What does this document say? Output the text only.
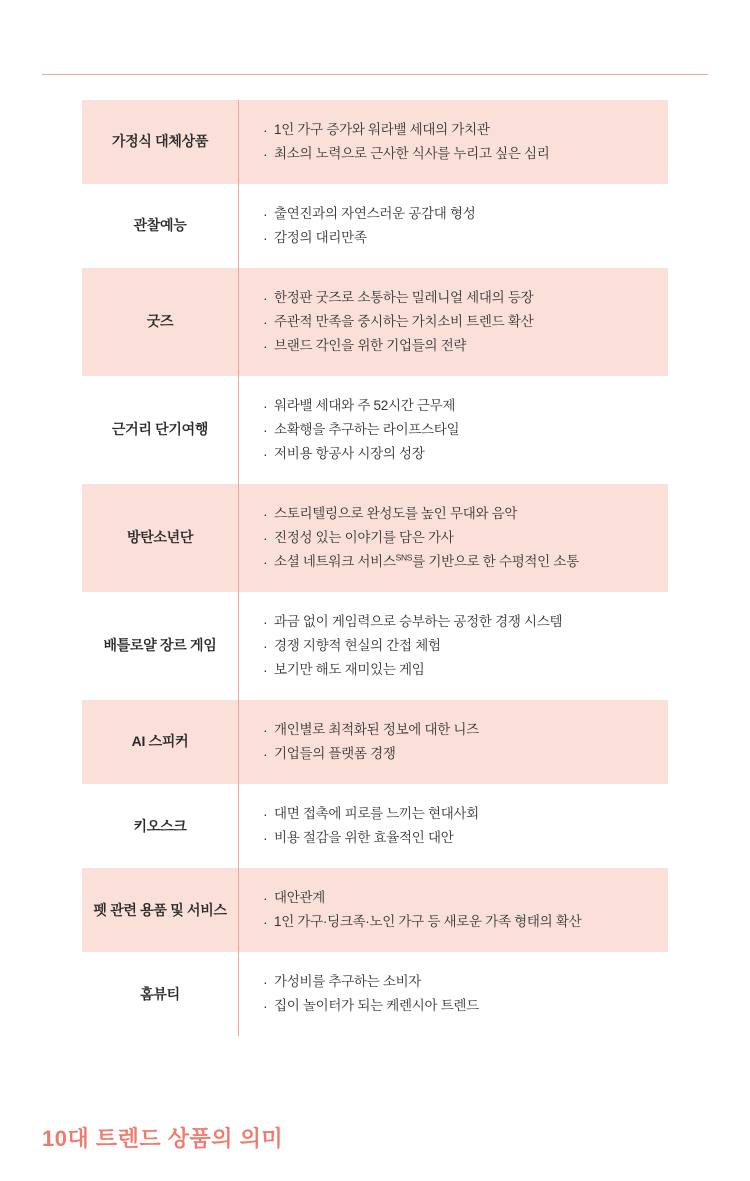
가정식 대체상품
· 1인 가구 증가와 워라밸 세대의 가치관
· 최소의 노력으로 근사한 식사를 누리고 싶은 심리
관찰예능
· 출연진과의 자연스러운 공감대 형성
· 감정의 대리만족
굿즈
· 한정판 굿즈로 소통하는 밀레니얼 세대의 등장
· 주관적 만족을 중시하는 가치소비 트렌드 확산
· 브랜드 각인을 위한 기업들의 전략
근거리 단기여행
· 워라밸 세대와 주 52시간 근무제
· 소확행을 추구하는 라이프스타일
· 저비용 항공사 시장의 성장
방탄소년단
· 스토리텔링으로 완성도를 높인 무대와 음악
· 진정성 있는 이야기를 담은 가사
· 소셜 네트워크 서비스$^{SNS}$를 기반으로 한 수평적인 소통
배틀로얄 장르 게임
· 과금 없이 게임력으로 승부하는 공정한 경쟁 시스템
· 경쟁 지향적 현실의 간접 체험
· 보기만 해도 재미있는 게임
AI 스피커
· 개인별로 최적화된 정보에 대한 니즈
· 기업들의 플랫폼 경쟁
키오스크
· 대면 접촉에 피로를 느끼는 현대사회
· 비용 절감을 위한 효율적인 대안
펫 관련 용품 및 서비스
· 대안관계
· 1인 가구·딩크족·노인 가구 등 새로운 가족 형태의 확산
홈뷰티
· 가성비를 추구하는 소비자
· 집이 놀이터가 되는 케렌시아 트렌드
10대 트렌드 상품의 의미
